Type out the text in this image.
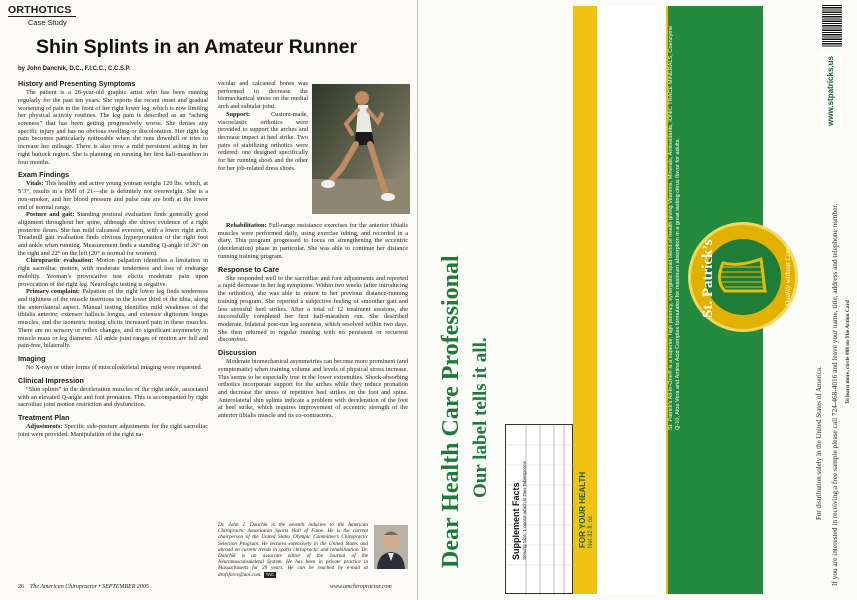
ORTHOTICS
Case Study
Shin Splints in an Amateur Runner
by John Danchik, D.C., F.I.C.C., C.C.S.P.
History and Presenting Symptoms

The patient is a 28-year-old graphic artist who has been running regularly for the past ten years. She reports the recent onset and gradual worsening of pain in the front of her right lower leg, which is now limiting her physical activity routines. The leg pain is described as an “aching soreness” that has been getting progressively worse. She denies any specific injury and has no obvious swelling or discoloration. Her right leg pain becomes particularly noticeable when she runs downhill or tries to increase her mileage. There is also now a mild persistent aching in her right buttock region. She is planning on running her first half-marathon in four months.

Exam Findings

Vitals: This healthy and active young woman weighs 120 lbs. which, at 5’3”, results in a BMI of 21—she is definitely not overweight. She is a non-smoker, and her blood pressure and pulse rate are both at the lower end of normal range.

Posture and gait: Standing postural evaluation finds generally good alignment throughout her spine, although she shows evidence of a right posterior ileum. She has mild calcaneal eversion, with a lower right arch. Treadmill gait evaluation finds obvious hyperpronation of the right foot and ankle when running. Measurement finds a standing Q-angle of 26° on the right and 22° on the left (20° is normal for women).

Chiropractic evaluation: Motion palpation identifies a limitation in right sacroiliac motion, with moderate tenderness and loss of endrange mobility. Yeoman’s provocative test elicits moderate pain upon provocation of the right leg. Neurologic testing is negative.

Primary complaint: Palpation of the right lower leg finds tenderness and tightness of the muscle insertions in the lower third of the tibia, along the anterolateral aspect. Manual testing identifies mild weakness of the tibialis anterior, extensor hallucis longus, and extensor digitorum longus muscles, and the isometric testing elicits increased pain in these muscles. There are no sensory or reflex changes, and no significant asymmetry in muscle mass or leg diameter. All ankle joint ranges of motion are full and pain-free, bilaterally.

Imaging

No X-rays or other forms of musculoskeletal imaging were requested.

Clinical Impression

“Shin splints” in the deceleration muscles of the right ankle, associated with an elevated Q-angle and foot pronation. This is accompanied by right sacroiliac joint motion restriction and dysfunction.

Treatment Plan

Adjustments: Specific side-posture adjustments for the right sacroiliac joint were provided. Manipulation of the right na-

vicular and calcaneal bones was performed to decrease the biomechanical stress on the medial arch and subtalar joint.

Support:	Custom-made, viscoelastic orthotics were provided to support the arches and decrease impact at heel strike. Two pairs of stabilizing orthotics were ordered: one designed specifically for her running shoes and the other for her job-related dress shoes.

Rehabilitation: Full-range resistance exercises for the anterior tibialis muscles were performed daily, using exercise tubing, and recorded in a diary. This program progressed to focus on strengthening the eccentric (deceleration) phase in particular. She was able to continue her distance running training program.

Response to Care

She responded well to the sacroiliac and foot adjustments and reported a rapid decrease in her leg symptoms. Within two weeks (after introducing the orthotics), she was able to return to her previous distance-running training program. She reported a subjective feeling of smoother gait and less stressful heel strikes. After a total of 12 treatment sessions, she successfully completed her first half-marathon run. She described moderate, bilateral post-run leg soreness, which resolved within two days. She then returned to regular running with no persistent or recurrent discomfort.

Discussion

Moderate biomechanical asymmetries can become more prominent (and symptomatic) when training volume and levels of physical stress increase. This seems to be especially true in the lower extremities. Shock-absorbing orthotics incorporate support for the arches while they reduce pronation and decrease the stress of repetitive heel strikes on the foot and spine. Anterolateral shin splints indicate a problem with deceleration of the foot at heel strike, which requires improvement of eccentric strength of the anterior tibialis muscle and its co-contractors.

Dr. John J. Danchik is the seventh inductee to the American Chiropractic Association Sports Hall of Fame. He is the current chairperson of the United States Olympic Committee’s Chiropractic Selection Program. He lectures extensively in the United States and abroad on current trends in sports chiropractic and rehabilitation. Dr. Danchik is an associate editor of the Journal of the Neuromusculoskeletal System. He has been in private practice in Massachusetts for 29 years. He can be reached by e-mail at drofsforce@aol.com. TAC
26	The American Chiropractor • SEPTEMBER 2005	www.amchiropractor.com
Dear Health Care Professional Our label tells it all.
Supplement Facts Serving Size: 1 ounce which is Two Tablespoons	FOR YOUR HEALTH Net 32 fl. oz.
St. Patrick’s All-In-One® is a superior, high potency, synergistic liquid blend of health giving Vitamins, Minerals, Antioxidants, IONIC TRACE MINERALS, Coenzyme Q-10, Aloe Vera and Amino Acid Complex formulated for maximum absorption in a great tasting citrus flavor for adults.
All-In-One St. Patrick’s	Quality without Compromise
www.stpatricks.us
For distribution solely in the United States of America. If you are interested in receiving a free sample please call 724-468-4016 and leave your name, title, address and telephone number. To learn more, circle #88 on The Action Card
